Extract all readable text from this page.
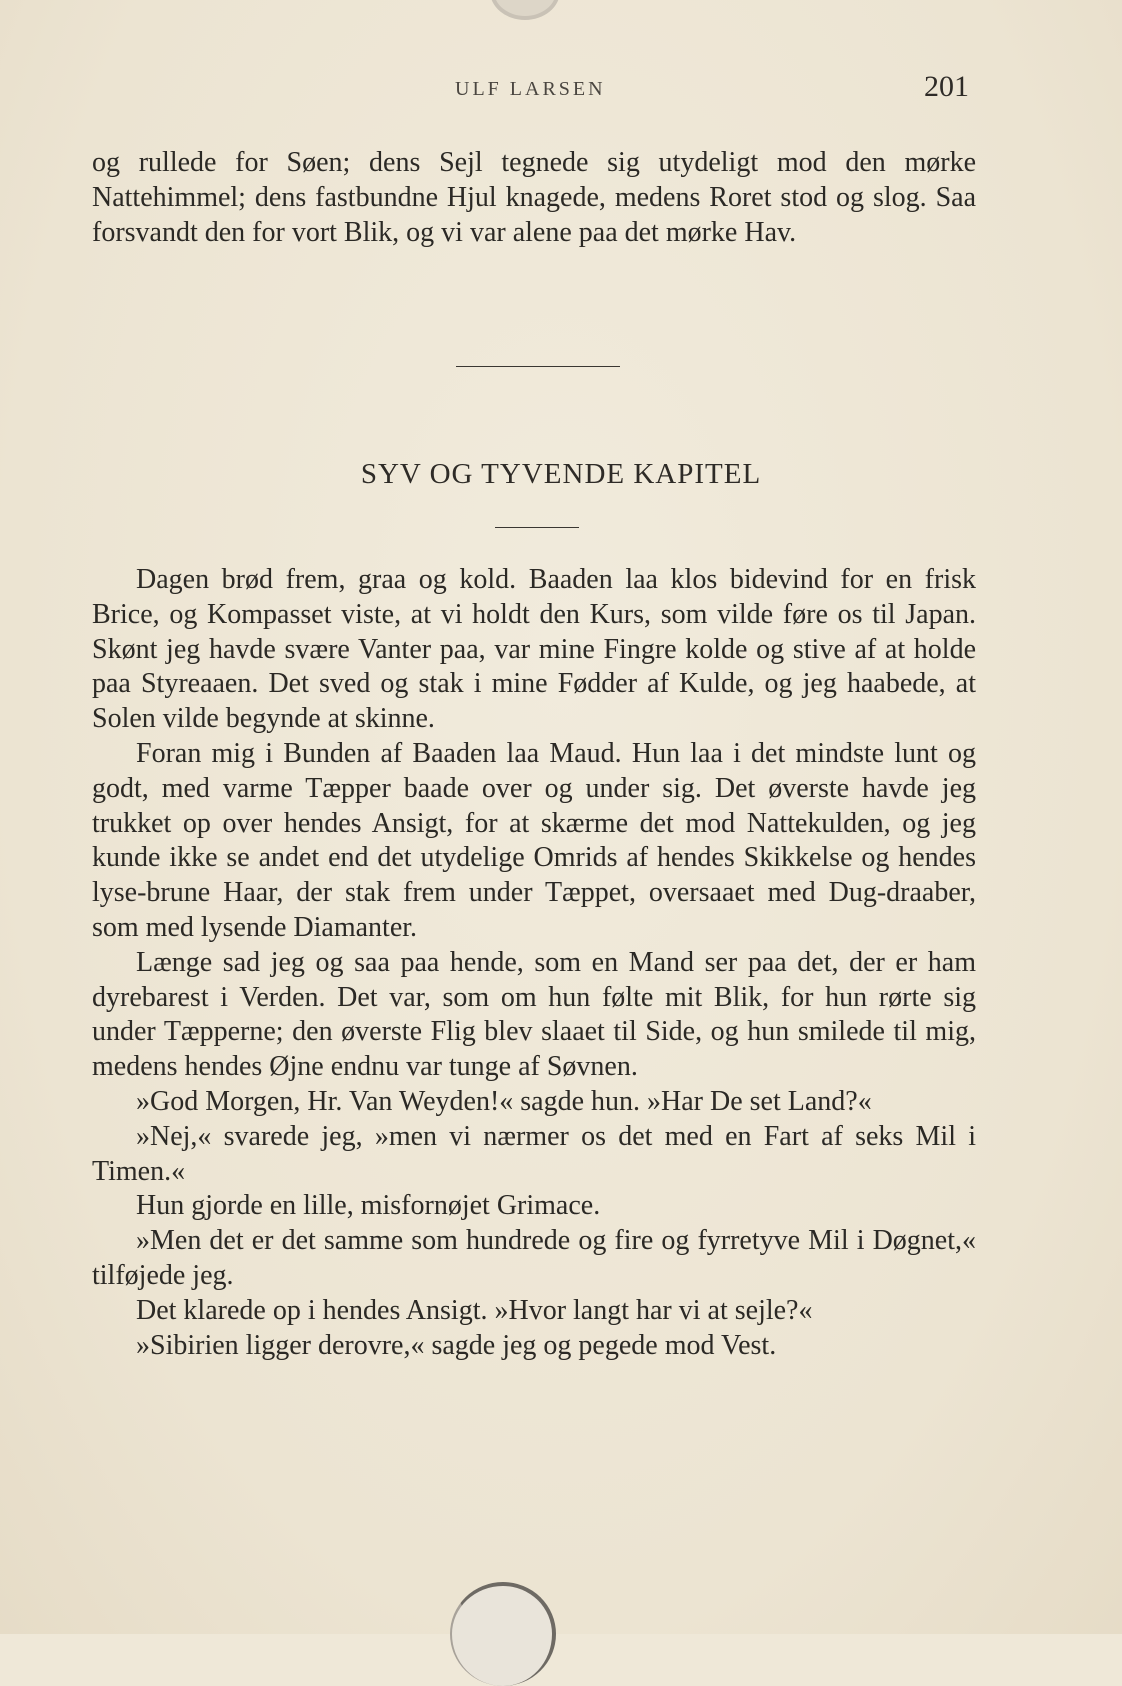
ULF LARSEN	201

og rullede for Søen; dens Sejl tegnede sig utydeligt mod den mørke Nattehimmel; dens fastbundne Hjul knagede, medens Roret stod og slog. Saa forsvandt den for vort Blik, og vi var alene paa det mørke Hav.

SYV OG TYVENDE KAPITEL

Dagen brød frem, graa og kold. Baaden laa klos bidevind for en frisk Brice, og Kompasset viste, at vi holdt den Kurs, som vilde føre os til Japan. Skønt jeg havde svære Vanter paa, var mine Fingre kolde og stive af at holde paa Styreaaen. Det sved og stak i mine Fødder af Kulde, og jeg haabede, at Solen vilde begynde at skinne.

Foran mig i Bunden af Baaden laa Maud. Hun laa i det mindste lunt og godt, med varme Tæpper baade over og under sig. Det øverste havde jeg trukket op over hendes Ansigt, for at skærme det mod Nattekulden, og jeg kunde ikke se andet end det utydelige Omrids af hendes Skikkelse og hendes lyse-brune Haar, der stak frem under Tæppet, oversaaet med Dug-draaber, som med lysende Diamanter.

Længe sad jeg og saa paa hende, som en Mand ser paa det, der er ham dyrebarest i Verden. Det var, som om hun følte mit Blik, for hun rørte sig under Tæpperne; den øverste Flig blev slaaet til Side, og hun smilede til mig, medens hendes Øjne endnu var tunge af Søvnen.

»God Morgen, Hr. Van Weyden!« sagde hun. »Har De set Land?«

»Nej,« svarede jeg, »men vi nærmer os det med en Fart af seks Mil i Timen.«

Hun gjorde en lille, misfornøjet Grimace.

»Men det er det samme som hundrede og fire og fyrretyve Mil i Døgnet,« tilføjede jeg.

Det klarede op i hendes Ansigt. »Hvor langt har vi at sejle?«

»Sibirien ligger derovre,« sagde jeg og pegede mod Vest.
